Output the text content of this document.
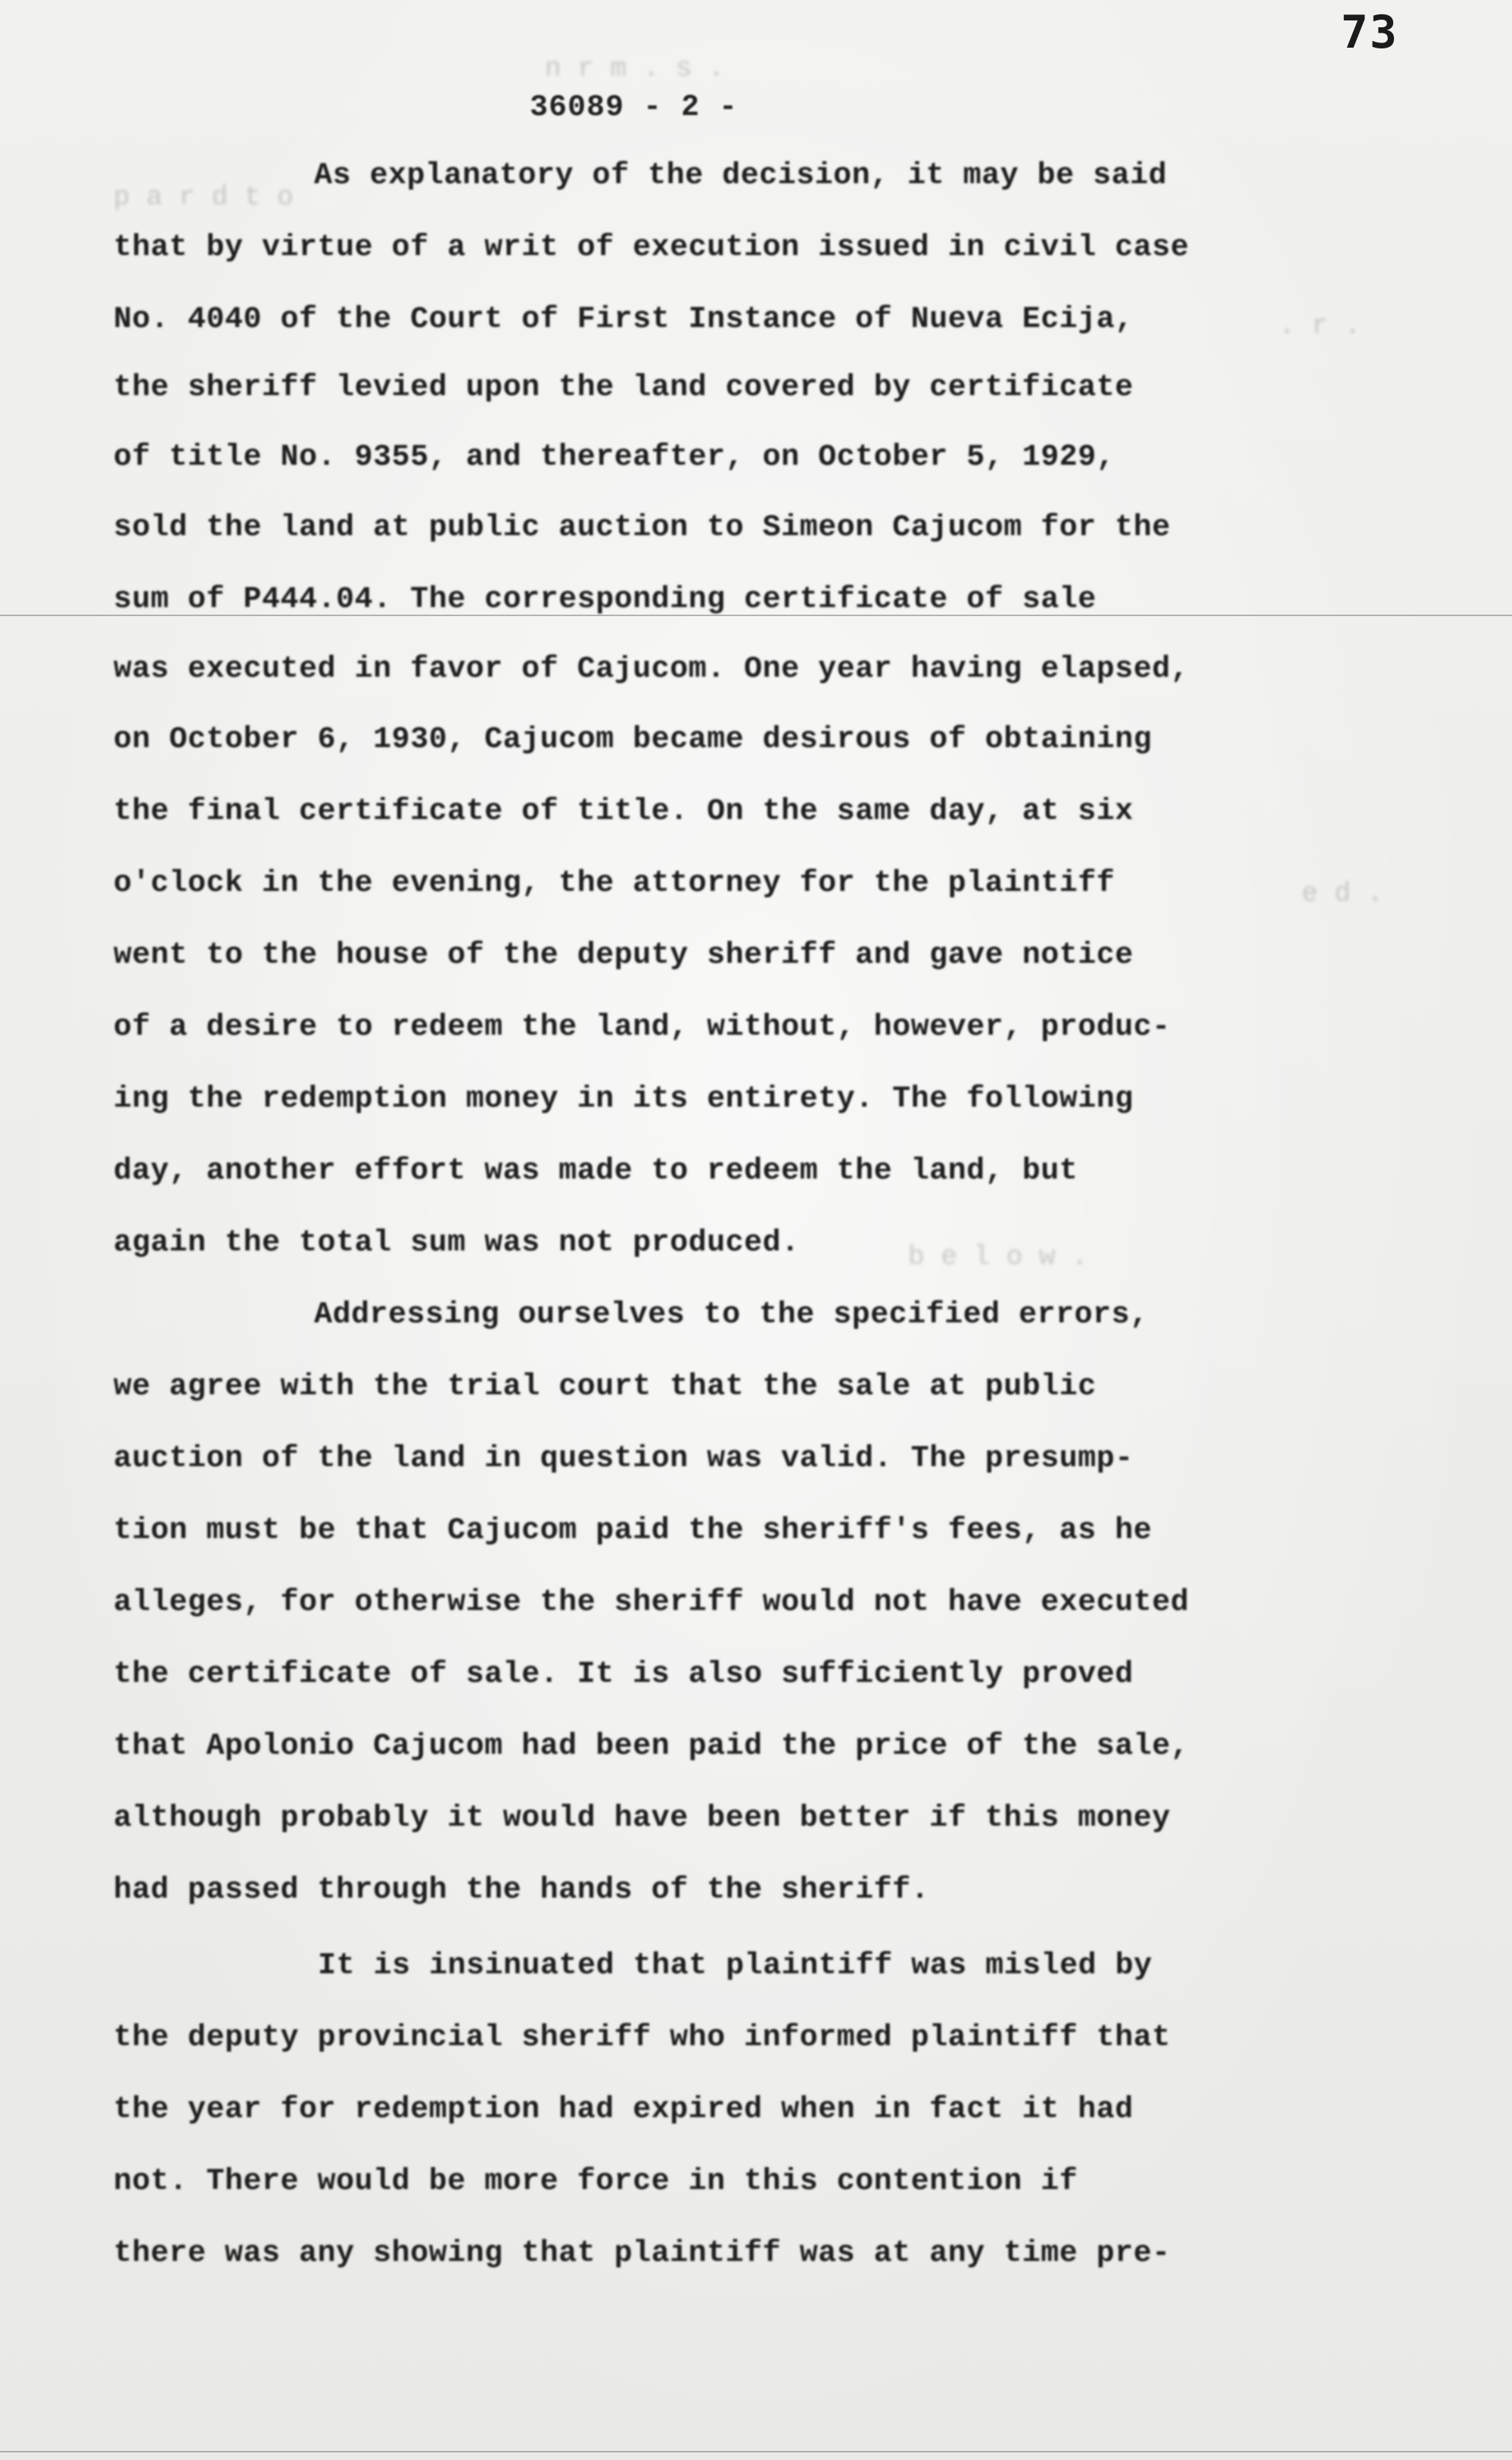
p a r d t o
n r m . s .
. r .
b e l o w .
e d .
73
36089 - 2 -
As explanatory of the decision, it may be said
that by virtue of a writ of execution issued in civil case
No. 4040 of the Court of First Instance of Nueva Ecija,
the sheriff levied upon the land covered by certificate
of title No. 9355, and thereafter, on October 5, 1929,
sold the land at public auction to Simeon Cajucom for the
sum of P444.04. The corresponding certificate of sale
was executed in favor of Cajucom. One year having elapsed,
on October 6, 1930, Cajucom became desirous of obtaining
the final certificate of title. On the same day, at six
o'clock in the evening, the attorney for the plaintiff
went to the house of the deputy sheriff and gave notice
of a desire to redeem the land, without, however, produc-
ing the redemption money in its entirety. The following
day, another effort was made to redeem the land, but
again the total sum was not produced.
Addressing ourselves to the specified errors,
we agree with the trial court that the sale at public
auction of the land in question was valid. The presump-
tion must be that Cajucom paid the sheriff's fees, as he
alleges, for otherwise the sheriff would not have executed
the certificate of sale. It is also sufficiently proved
that Apolonio Cajucom had been paid the price of the sale,
although probably it would have been better if this money
had passed through the hands of the sheriff.
It is insinuated that plaintiff was misled by
the deputy provincial sheriff who informed plaintiff that
the year for redemption had expired when in fact it had
not. There would be more force in this contention if
there was any showing that plaintiff was at any time pre-
